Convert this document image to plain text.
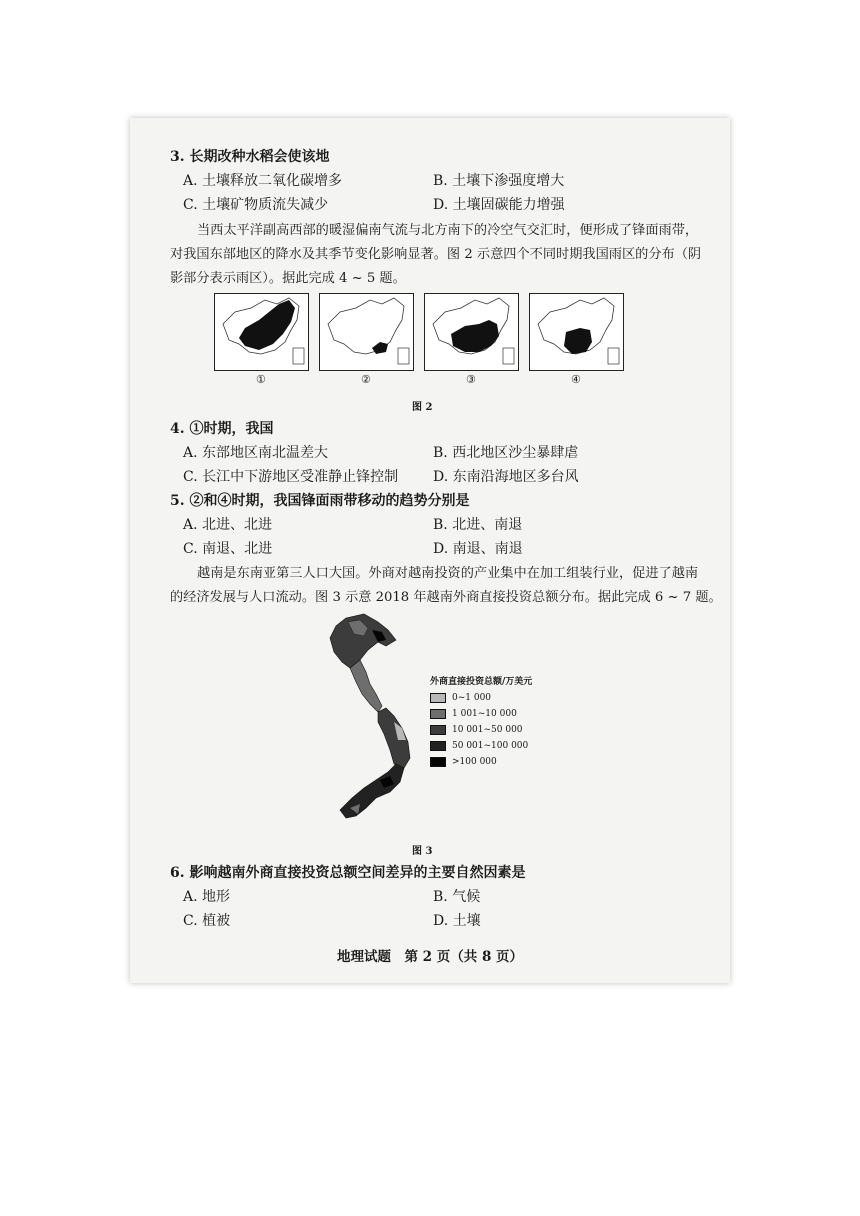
3. 长期改种水稻会使该地
A. 土壤释放二氧化碳增多	B. 土壤下渗强度增大
C. 土壤矿物质流失减少	D. 土壤固碳能力增强
当西太平洋副高西部的暖湿偏南气流与北方南下的冷空气交汇时，便形成了锋面雨带，
对我国东部地区的降水及其季节变化影响显著。图 2 示意四个不同时期我国雨区的分布（阴
影部分表示雨区）。据此完成 4 ~ 5 题。
①	②	③	④
图 2
4. ①时期，我国
A. 东部地区南北温差大	B. 西北地区沙尘暴肆虐
C. 长江中下游地区受准静止锋控制 D. 东南沿海地区多台风
5. ②和④时期，我国锋面雨带移动的趋势分别是
A. 北进、北进	B. 北进、南退
C. 南退、北进	D. 南退、南退
越南是东南亚第三人口大国。外商对越南投资的产业集中在加工组装行业，促进了越南
的经济发展与人口流动。图 3 示意 2018 年越南外商直接投资总额分布。据此完成 6 ~ 7 题。
外商直接投资总额/万美元
0~1 000
1 001~10 000
10 001~50 000
50 001~100 000
>100 000
图 3
6. 影响越南外商直接投资总额空间差异的主要自然因素是
A. 地形	B. 气候
C. 植被	D. 土壤
地理试题　第 2 页（共 8 页）
